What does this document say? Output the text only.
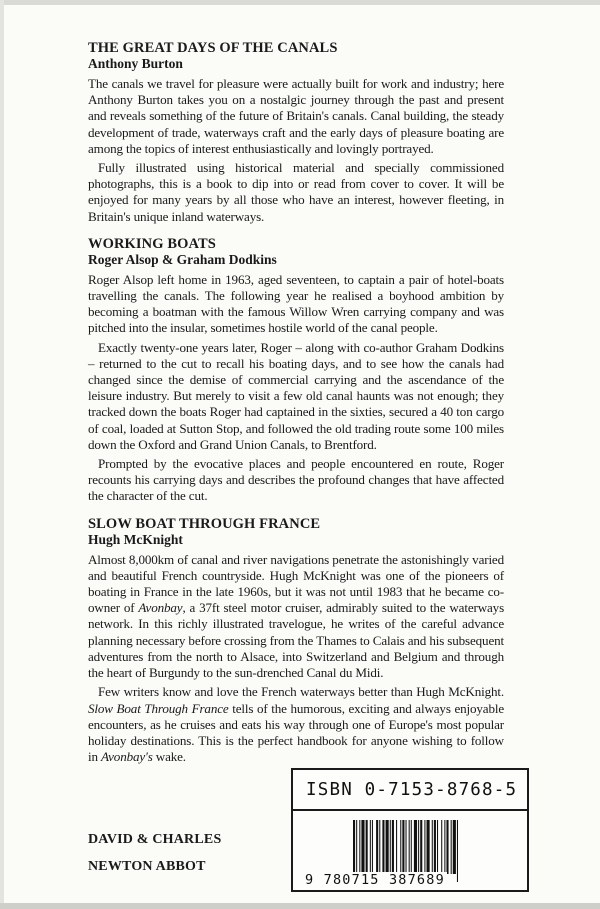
THE GREAT DAYS OF THE CANALS
Anthony Burton

The canals we travel for pleasure were actually built for work and industry; here Anthony Burton takes you on a nostalgic journey through the past and present and reveals something of the future of Britain's canals. Canal building, the steady development of trade, waterways craft and the early days of pleasure boating are among the topics of interest enthusiastically and lovingly portrayed.

Fully illustrated using historical material and specially commissioned photographs, this is a book to dip into or read from cover to cover. It will be enjoyed for many years by all those who have an interest, however fleeting, in Britain's unique inland waterways.

WORKING BOATS
Roger Alsop & Graham Dodkins

Roger Alsop left home in 1963, aged seventeen, to captain a pair of hotel-boats travelling the canals. The following year he realised a boyhood ambition by becoming a boatman with the famous Willow Wren carrying company and was pitched into the insular, sometimes hostile world of the canal people.

Exactly twenty-one years later, Roger – along with co-author Graham Dodkins – returned to the cut to recall his boating days, and to see how the canals had changed since the demise of commercial carrying and the ascendance of the leisure industry. But merely to visit a few old canal haunts was not enough; they tracked down the boats Roger had captained in the sixties, secured a 40 ton cargo of coal, loaded at Sutton Stop, and followed the old trading route some 100 miles down the Oxford and Grand Union Canals, to Brentford.

Prompted by the evocative places and people encountered en route, Roger recounts his carrying days and describes the profound changes that have affected the character of the cut.

SLOW BOAT THROUGH FRANCE
Hugh McKnight

Almost 8,000km of canal and river navigations penetrate the astonishingly varied and beautiful French countryside. Hugh McKnight was one of the pioneers of boating in France in the late 1960s, but it was not until 1983 that he became co-owner of Avonbay, a 37ft steel motor cruiser, admirably suited to the waterways network. In this richly illustrated travelogue, he writes of the careful advance planning necessary before crossing from the Thames to Calais and his subsequent adventures from the north to Alsace, into Switzerland and Belgium and through the heart of Burgundy to the sun-drenched Canal du Midi.

Few writers know and love the French waterways better than Hugh McKnight. Slow Boat Through France tells of the humorous, exciting and always enjoyable encounters, as he cruises and eats his way through one of Europe's most popular holiday destinations. This is the perfect handbook for anyone wishing to follow in Avonbay's wake.

DAVID & CHARLES
NEWTON ABBOT
ISBN 0-7153-8768-5
9 780715 387689
